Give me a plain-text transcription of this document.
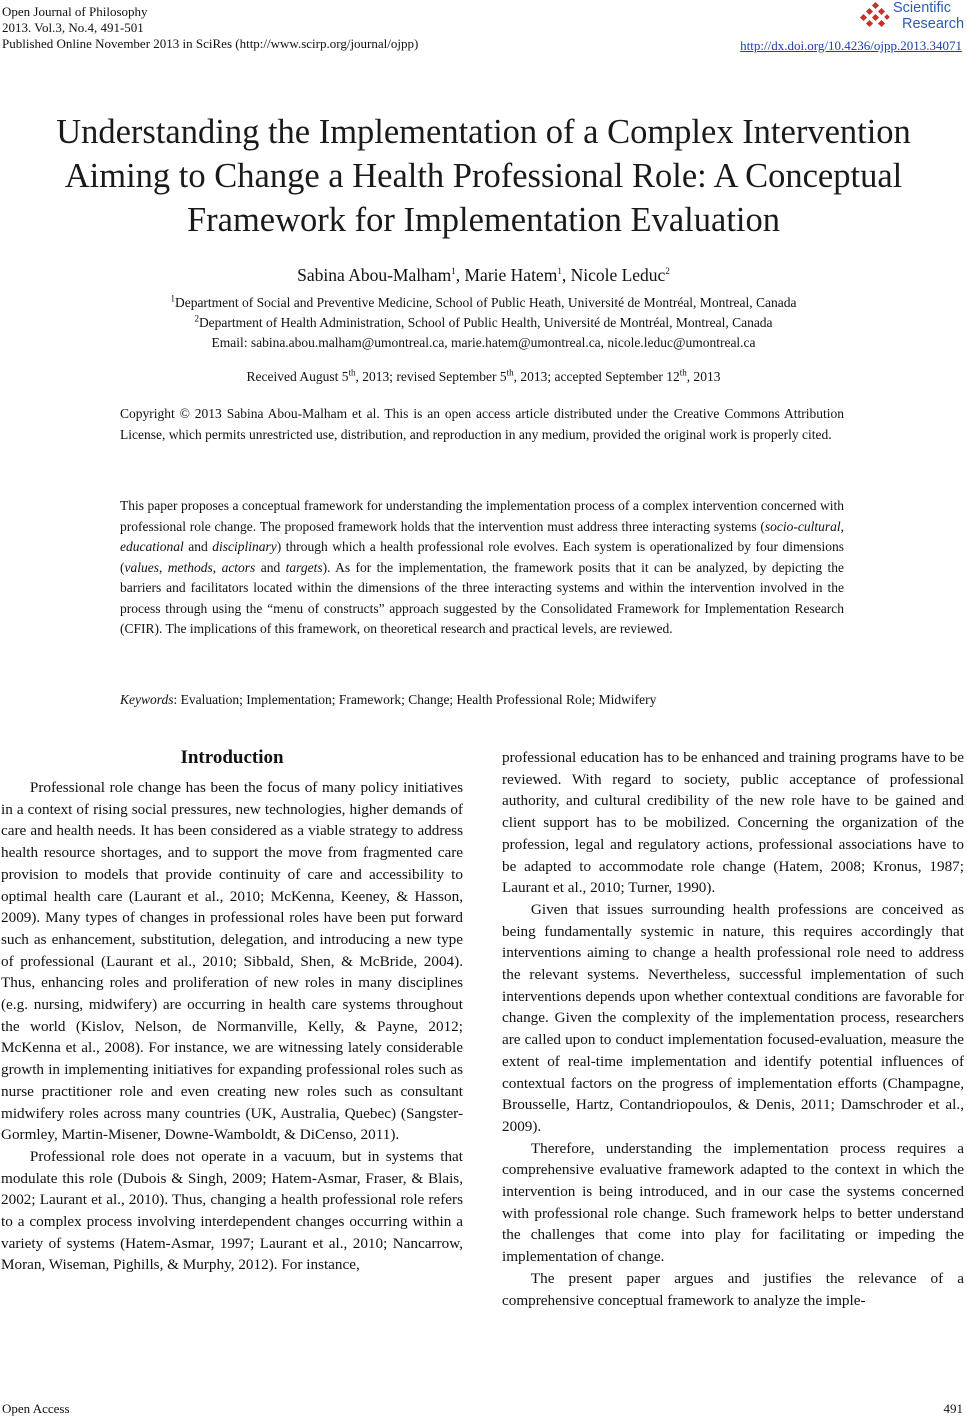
Open Journal of Philosophy
2013. Vol.3, No.4, 491-501
Published Online November 2013 in SciRes (http://www.scirp.org/journal/ojpp)
Scientific
Research
http://dx.doi.org/10.4236/ojpp.2013.34071
Understanding the Implementation of a Complex Intervention Aiming to Change a Health Professional Role: A Conceptual Framework for Implementation Evaluation
Sabina Abou-Malham$^1$, Marie Hatem$^1$, Nicole Leduc$^2$
$^1$Department of Social and Preventive Medicine, School of Public Heath, Université de Montréal, Montreal, Canada
$^2$Department of Health Administration, School of Public Health, Université de Montréal, Montreal, Canada
Email: sabina.abou.malham@umontreal.ca, marie.hatem@umontreal.ca, nicole.leduc@umontreal.ca
Received August 5th, 2013; revised September 5th, 2013; accepted September 12th, 2013
Copyright © 2013 Sabina Abou-Malham et al. This is an open access article distributed under the Creative Commons Attribution License, which permits unrestricted use, distribution, and reproduction in any medium, provided the original work is properly cited.
This paper proposes a conceptual framework for understanding the implementation process of a complex intervention concerned with professional role change. The proposed framework holds that the intervention must address three interacting systems (socio-cultural, educational and disciplinary) through which a health professional role evolves. Each system is operationalized by four dimensions (values, methods, actors and targets). As for the implementation, the framework posits that it can be analyzed, by depicting the barriers and facilitators located within the dimensions of the three interacting systems and within the intervention involved in the process through using the “menu of constructs” approach suggested by the Consolidated Framework for Implementation Research (CFIR). The implications of this framework, on theoretical research and practical levels, are reviewed.
Keywords: Evaluation; Implementation; Framework; Change; Health Professional Role; Midwifery
Introduction

Professional role change has been the focus of many policy initiatives in a context of rising social pressures, new technologies, higher demands of care and health needs. It has been considered as a viable strategy to address health resource shortages, and to support the move from fragmented care provision to models that provide continuity of care and accessibility to optimal health care (Laurant et al., 2010; McKenna, Keeney, & Hasson, 2009). Many types of changes in professional roles have been put forward such as enhancement, substitution, delegation, and introducing a new type of professional (Laurant et al., 2010; Sibbald, Shen, & McBride, 2004). Thus, enhancing roles and proliferation of new roles in many disciplines (e.g. nursing, midwifery) are occurring in health care systems throughout the world (Kislov, Nelson, de Normanville, Kelly, & Payne, 2012; McKenna et al., 2008). For instance, we are witnessing lately considerable growth in implementing initiatives for expanding professional roles such as nurse practitioner role and even creating new roles such as consultant midwifery roles across many countries (UK, Australia, Quebec) (Sangster-Gormley, Martin-Misener, Downe-Wamboldt, & DiCenso, 2011).

Professional role does not operate in a vacuum, but in systems that modulate this role (Dubois & Singh, 2009; Hatem-Asmar, Fraser, & Blais, 2002; Laurant et al., 2010). Thus, changing a health professional role refers to a complex process involving interdependent changes occurring within a variety of systems (Hatem-Asmar, 1997; Laurant et al., 2010; Nancarrow, Moran, Wiseman, Pighills, & Murphy, 2012). For instance,

professional education has to be enhanced and training programs have to be reviewed. With regard to society, public acceptance of professional authority, and cultural credibility of the new role have to be gained and client support has to be mobilized. Concerning the organization of the profession, legal and regulatory actions, professional associations have to be adapted to accommodate role change (Hatem, 2008; Kronus, 1987; Laurant et al., 2010; Turner, 1990).

Given that issues surrounding health professions are conceived as being fundamentally systemic in nature, this requires accordingly that interventions aiming to change a health professional role need to address the relevant systems. Nevertheless, successful implementation of such interventions depends upon whether contextual conditions are favorable for change. Given the complexity of the implementation process, researchers are called upon to conduct implementation focused-evaluation, measure the extent of real-time implementation and identify potential influences of contextual factors on the progress of implementation efforts (Champagne, Brousselle, Hartz, Contandriopoulos, & Denis, 2011; Damschroder et al., 2009).

Therefore, understanding the implementation process requires a comprehensive evaluative framework adapted to the context in which the intervention is being introduced, and in our case the systems concerned with professional role change. Such framework helps to better understand the challenges that come into play for facilitating or impeding the implementation of change.

The present paper argues and justifies the relevance of a comprehensive conceptual framework to analyze the imple-

Open Access	491
